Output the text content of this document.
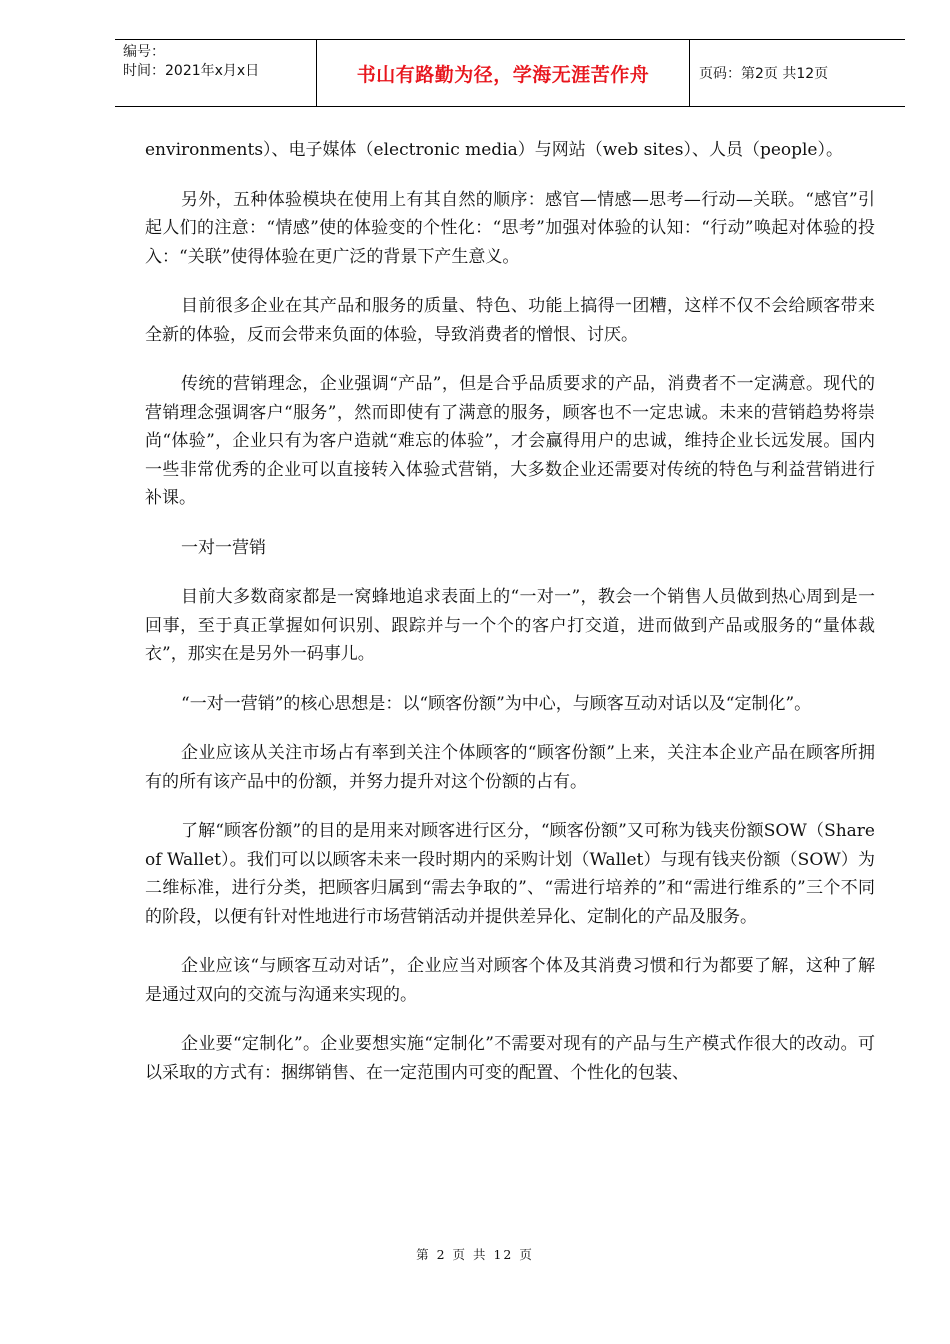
编号：
时间：2021年x月x日	书山有路勤为径，学海无涯苦作舟	页码：第2页 共12页

environments）、电子媒体（electronic media）与网站（web sites）、人员（people）。

另外，五种体验模块在使用上有其自然的顺序：感官—情感—思考—行动—关联。“感官”引起人们的注意：“情感”使的体验变的个性化：“思考”加强对体验的认知：“行动”唤起对体验的投入：“关联”使得体验在更广泛的背景下产生意义。

目前很多企业在其产品和服务的质量、特色、功能上搞得一团糟，这样不仅不会给顾客带来全新的体验，反而会带来负面的体验，导致消费者的憎恨、讨厌。

传统的营销理念，企业强调“产品”，但是合乎品质要求的产品，消费者不一定满意。现代的营销理念强调客户“服务”，然而即使有了满意的服务，顾客也不一定忠诚。未来的营销趋势将崇尚“体验”，企业只有为客户造就“难忘的体验”，才会赢得用户的忠诚，维持企业长远发展。国内一些非常优秀的企业可以直接转入体验式营销，大多数企业还需要对传统的特色与利益营销进行补课。

一对一营销

目前大多数商家都是一窝蜂地追求表面上的“一对一”，教会一个销售人员做到热心周到是一回事，至于真正掌握如何识别、跟踪并与一个个的客户打交道，进而做到产品或服务的“量体裁衣”，那实在是另外一码事儿。

“一对一营销”的核心思想是：以“顾客份额”为中心，与顾客互动对话以及“定制化”。

企业应该从关注市场占有率到关注个体顾客的“顾客份额”上来，关注本企业产品在顾客所拥有的所有该产品中的份额，并努力提升对这个份额的占有。

了解“顾客份额”的目的是用来对顾客进行区分，“顾客份额”又可称为钱夹份额SOW（Share of Wallet）。我们可以以顾客未来一段时期内的采购计划（Wallet）与现有钱夹份额（SOW）为二维标准，进行分类，把顾客归属到“需去争取的”、“需进行培养的”和“需进行维系的”三个不同的阶段，以便有针对性地进行市场营销活动并提供差异化、定制化的产品及服务。

企业应该“与顾客互动对话”，企业应当对顾客个体及其消费习惯和行为都要了解，这种了解是通过双向的交流与沟通来实现的。

企业要“定制化”。企业要想实施“定制化”不需要对现有的产品与生产模式作很大的改动。可以采取的方式有：捆绑销售、在一定范围内可变的配置、个性化的包装、

第 2 页 共 12 页
